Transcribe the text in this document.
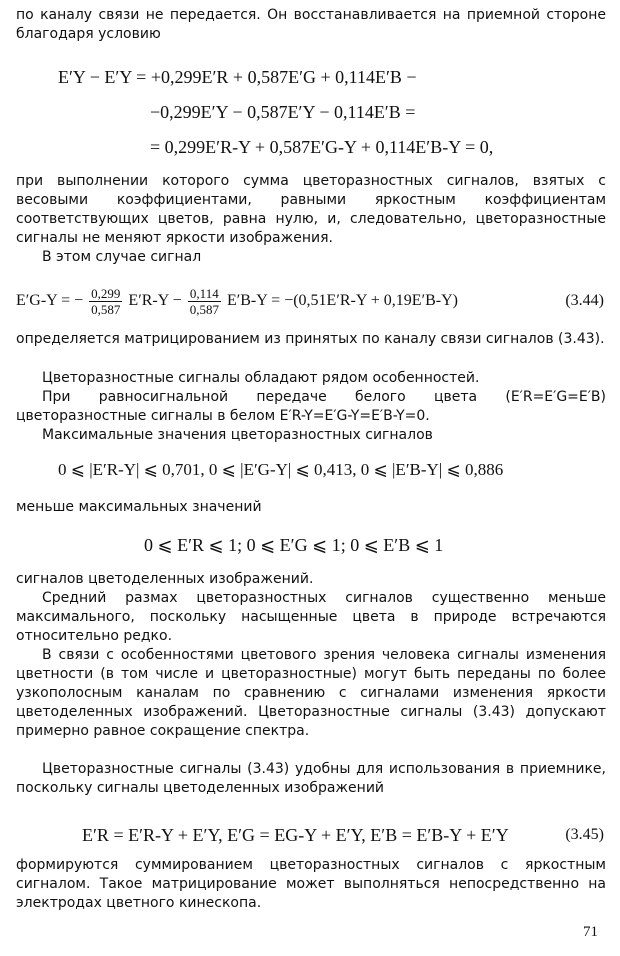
по каналу связи не передается. Он восстанавливается на приемной стороне благодаря условию

E′Y − E′Y = +0,299E′R + 0,587E′G + 0,114E′B −
−0,299E′Y − 0,587E′Y − 0,114E′B =
= 0,299E′R-Y + 0,587E′G-Y + 0,114E′B-Y = 0,

при выполнении которого сумма цветоразностных сигналов, взятых с весовыми коэффициентами, равными яркостным коэффициентам соответствующих цветов, равна нулю, и, следовательно, цветоразностные сигналы не меняют яркости изображения.

В этом случае сигнал

E′G-Y = − $\frac{0,299}{0,587} E'R-Y - \frac{0,114}{0,587} E'B-Y = -(0,51E'R-Y + 0,19E'B-Y)$	(3.44)

определяется матрицированием из принятых по каналу связи сигналов (3.43).

Цветоразностные сигналы обладают рядом особенностей.

При равносигнальной передаче белого цвета (E′R=E′G=E′B) цветоразностные сигналы в белом E′R-Y=E′G-Y=E′B-Y=0.

Максимальные значения цветоразностных сигналов

0 ⩽ |E′R-Y| ⩽ 0,701, 0 ⩽ |E′G-Y| ⩽ 0,413, 0 ⩽ |E′B-Y| ⩽ 0,886

меньше максимальных значений

0 ⩽ E′R ⩽ 1; 0 ⩽ E′G ⩽ 1; 0 ⩽ E′B ⩽ 1

сигналов цветоделенных изображений.

Средний размах цветоразностных сигналов существенно меньше максимального, поскольку насыщенные цвета в природе встречаются относительно редко.

В связи с особенностями цветового зрения человека сигналы изменения цветности (в том числе и цветоразностные) могут быть переданы по более узкополосным каналам по сравнению с сигналами изменения яркости цветоделенных изображений. Цветоразностные сигналы (3.43) допускают примерно равное сокращение спектра.

Цветоразностные сигналы (3.43) удобны для использования в приемнике, поскольку сигналы цветоделенных изображений

E′R = E′R-Y + E′Y, E′G = EG-Y + E′Y, E′B = E′B-Y + E′Y	(3.45)

формируются суммированием цветоразностных сигналов с яркостным сигналом. Такое матрицирование может выполняться непосредственно на электродах цветного кинескопа.

71
